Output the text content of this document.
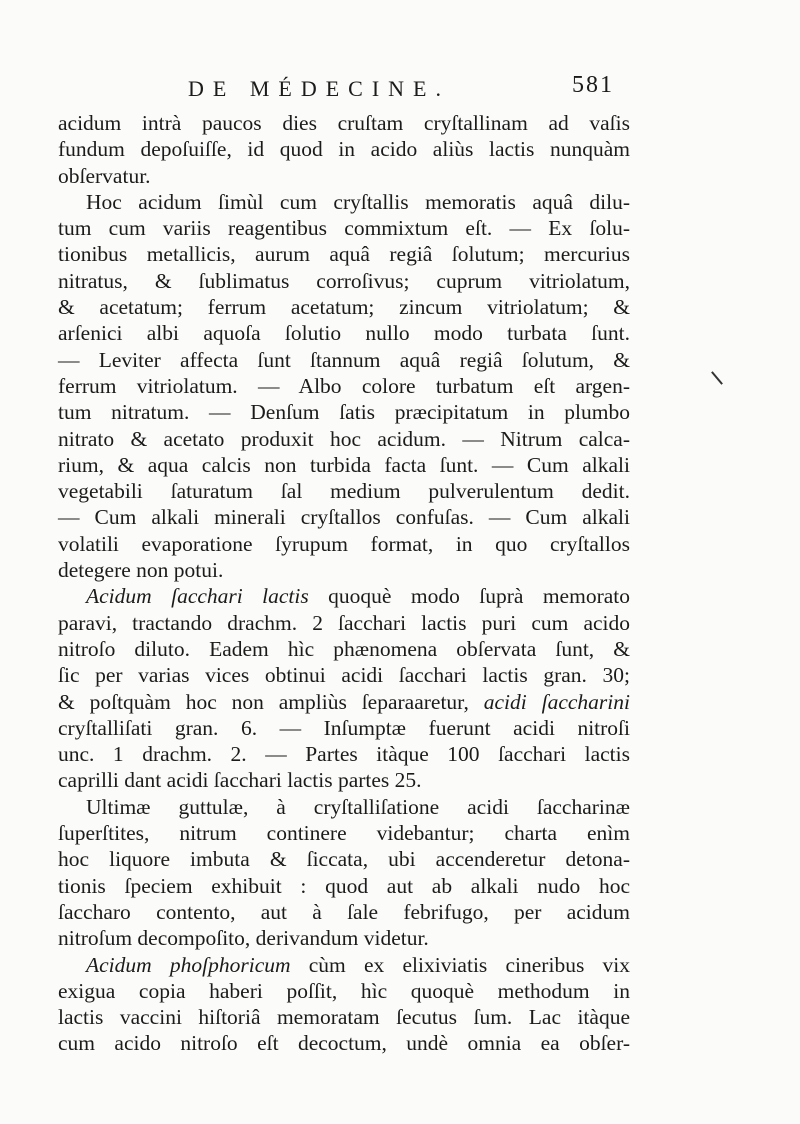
DE MÉDECINE.	581
acidum intrà paucos dies cruſtam cryſtallinam ad vaſis
fundum depoſuiſſe, id quod in acido aliùs lactis nunquàm
obſervatur.
Hoc acidum ſimùl cum cryſtallis memoratis aquâ dilu-
tum cum variis reagentibus commixtum eſt. — Ex ſolu-
tionibus metallicis, aurum aquâ regiâ ſolutum; mercurius
nitratus, & ſublimatus corroſivus; cuprum vitriolatum,
& acetatum; ferrum acetatum; zincum vitriolatum; &
arſenici albi aquoſa ſolutio nullo modo turbata ſunt.
— Leviter affecta ſunt ſtannum aquâ regiâ ſolutum, &
ferrum vitriolatum. — Albo colore turbatum eſt argen-
tum nitratum. — Denſum ſatis præcipitatum in plumbo
nitrato & acetato produxit hoc acidum. — Nitrum calca-
rium, & aqua calcis non turbida facta ſunt. — Cum alkali
vegetabili ſaturatum ſal medium pulverulentum dedit.
— Cum alkali minerali cryſtallos confuſas. — Cum alkali
volatili evaporatione ſyrupum format, in quo cryſtallos
detegere non potui.
Acidum ſacchari lactis quoquè modo ſuprà memorato
paravi, tractando drachm. 2 ſacchari lactis puri cum acido
nitroſo diluto. Eadem hìc phænomena obſervata ſunt, &
ſic per varias vices obtinui acidi ſacchari lactis gran. 30;
& poſtquàm hoc non ampliùs ſeparaaretur, acidi ſaccharini
cryſtalliſati gran. 6. — Inſumptæ fuerunt acidi nitroſi
unc. 1 drachm. 2. — Partes itàque 100 ſacchari lactis
caprilli dant acidi ſacchari lactis partes 25.
Ultimæ guttulæ, à cryſtalliſatione acidi ſaccharinæ
ſuperſtites, nitrum continere videbantur; charta enìm
hoc liquore imbuta & ſiccata, ubi accenderetur detona-
tionis ſpeciem exhibuit : quod aut ab alkali nudo hoc
ſaccharo contento, aut à ſale febrifugo, per acidum
nitroſum decompoſito, derivandum videtur.
Acidum phoſphoricum cùm ex elixiviatis cineribus vix
exigua copia haberi poſſit, hìc quoquè methodum in
lactis vaccini hiſtoriâ memoratam ſecutus ſum. Lac itàque
cum acido nitroſo eſt decoctum, undè omnia ea obſer-
